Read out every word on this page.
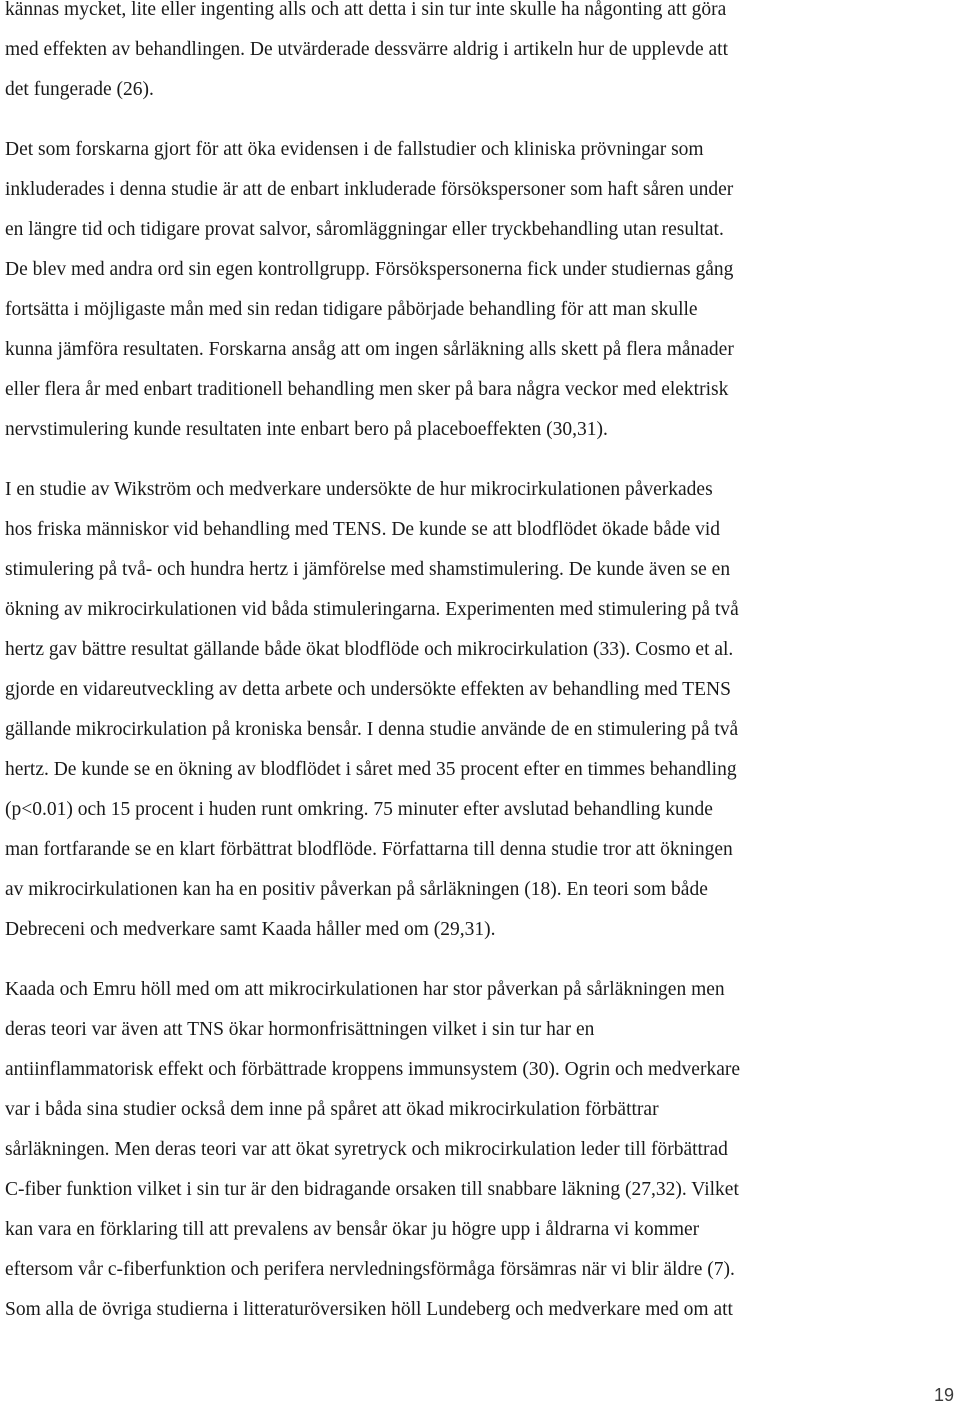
kännas mycket, lite eller ingenting alls och att detta i sin tur inte skulle ha någonting att göra
med effekten av behandlingen. De utvärderade dessvärre aldrig i artikeln hur de upplevde att
det fungerade (26).
Det som forskarna gjort för att öka evidensen i de fallstudier och kliniska prövningar som
inkluderades i denna studie är att de enbart inkluderade försökspersoner som haft såren under
en längre tid och tidigare provat salvor, såromläggningar eller tryckbehandling utan resultat.
De blev med andra ord sin egen kontrollgrupp. Försökspersonerna fick under studiernas gång
fortsätta i möjligaste mån med sin redan tidigare påbörjade behandling för att man skulle
kunna jämföra resultaten. Forskarna ansåg att om ingen sårläkning alls skett på flera månader
eller flera år med enbart traditionell behandling men sker på bara några veckor med elektrisk
nervstimulering kunde resultaten inte enbart bero på placeboeffekten (30,31).
I en studie av Wikström och medverkare undersökte de hur mikrocirkulationen påverkades
hos friska människor vid behandling med TENS. De kunde se att blodflödet ökade både vid
stimulering på två- och hundra hertz i jämförelse med shamstimulering. De kunde även se en
ökning av mikrocirkulationen vid båda stimuleringarna. Experimenten med stimulering på två
hertz gav bättre resultat gällande både ökat blodflöde och mikrocirkulation (33). Cosmo et al.
gjorde en vidareutveckling av detta arbete och undersökte effekten av behandling med TENS
gällande mikrocirkulation på kroniska bensår. I denna studie använde de en stimulering på två
hertz. De kunde se en ökning av blodflödet i såret med 35 procent efter en timmes behandling
(p<0.01) och 15 procent i huden runt omkring. 75 minuter efter avslutad behandling kunde
man fortfarande se en klart förbättrat blodflöde. Författarna till denna studie tror att ökningen
av mikrocirkulationen kan ha en positiv påverkan på sårläkningen (18). En teori som både
Debreceni och medverkare samt Kaada håller med om (29,31).
Kaada och Emru höll med om att mikrocirkulationen har stor påverkan på sårläkningen men
deras teori var även att TNS ökar hormonfrisättningen vilket i sin tur har en
antiinflammatorisk effekt och förbättrade kroppens immunsystem (30). Ogrin och medverkare
var i båda sina studier också dem inne på spåret att ökad mikrocirkulation förbättrar
sårläkningen. Men deras teori var att ökat syretryck och mikrocirkulation leder till förbättrad
C-fiber funktion vilket i sin tur är den bidragande orsaken till snabbare läkning (27,32). Vilket
kan vara en förklaring till att prevalens av bensår ökar ju högre upp i åldrarna vi kommer
eftersom vår c-fiberfunktion och perifera nervledningsförmåga försämras när vi blir äldre (7).
Som alla de övriga studierna i litteraturöversiken höll Lundeberg och medverkare med om att
19
